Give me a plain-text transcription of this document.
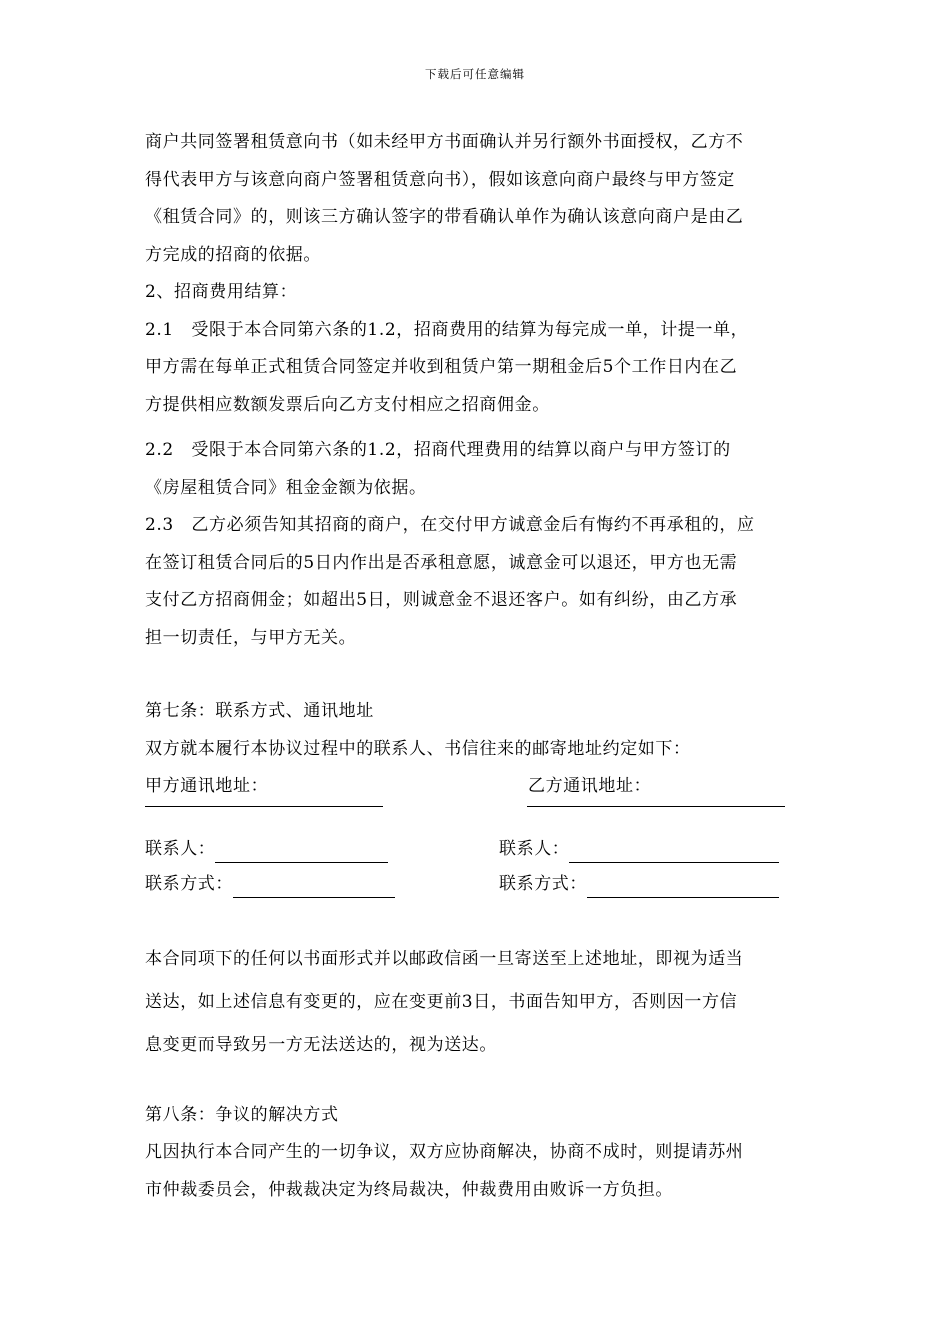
下载后可任意编辑

商户共同签署租赁意向书（如未经甲方书面确认并另行额外书面授权，乙方不

得代表甲方与该意向商户签署租赁意向书），假如该意向商户最终与甲方签定

《租赁合同》的，则该三方确认签字的带看确认单作为确认该意向商户是由乙

方完成的招商的依据。

2、招商费用结算：

2.1　受限于本合同第六条的1.2，招商费用的结算为每完成一单，计提一单，

甲方需在每单正式租赁合同签定并收到租赁户第一期租金后5个工作日内在乙

方提供相应数额发票后向乙方支付相应之招商佣金。

2.2　受限于本合同第六条的1.2，招商代理费用的结算以商户与甲方签订的

《房屋租赁合同》租金金额为依据。

2.3　乙方必须告知其招商的商户，在交付甲方诚意金后有悔约不再承租的，应

在签订租赁合同后的5日内作出是否承租意愿，诚意金可以退还，甲方也无需

支付乙方招商佣金；如超出5日，则诚意金不退还客户。如有纠纷，由乙方承

担一切责任，与甲方无关。

第七条：联系方式、通讯地址

双方就本履行本协议过程中的联系人、书信往来的邮寄地址约定如下：

甲方通讯地址：	乙方通讯地址：
联系人：	联系人：
联系方式：	联系方式：

本合同项下的任何以书面形式并以邮政信函一旦寄送至上述地址，即视为适当

送达，如上述信息有变更的，应在变更前3日，书面告知甲方，否则因一方信

息变更而导致另一方无法送达的，视为送达。

第八条：争议的解决方式

凡因执行本合同产生的一切争议，双方应协商解决，协商不成时，则提请苏州

市仲裁委员会，仲裁裁决定为终局裁决，仲裁费用由败诉一方负担。
